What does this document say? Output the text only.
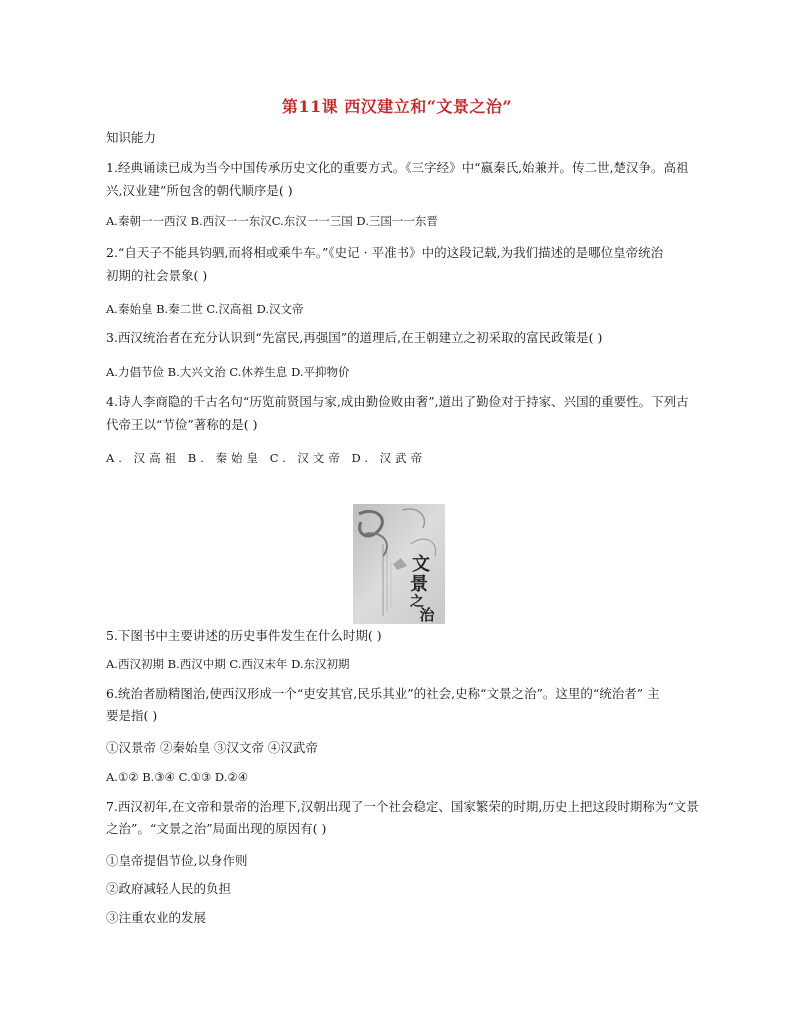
第11课 西汉建立和“文景之治”
知识能力
1.经典诵读已成为当今中国传承历史文化的重要方式。《三字经》中“嬴秦氏,始兼并。传二世,楚汉争。高祖
兴,汉业建”所包含的朝代顺序是( )
A.秦朝一一西汉 B.西汉一一东汉C.东汉一一三国 D.三国一一东晋
2.“自天子不能具钧驷,而将相或乘牛车。”《史记 · 平准书》中的这段记载,为我们描述的是哪位皇帝统治
初期的社会景象( )
A.秦始皇 B.秦二世 C.汉高祖 D.汉文帝
3.西汉统治者在充分认识到“先富民,再强国”的道理后,在王朝建立之初采取的富民政策是( )
A.力倡节俭 B.大兴文治 C.休养生息 D.平抑物价
4.诗人李商隐的千古名句“历览前贤国与家,成由勤俭败由奢”,道出了勤俭对于持家、兴国的重要性。下列古
代帝王以“节俭”著称的是( )
A. 汉高祖 B. 秦始皇 C. 汉文帝 D. 汉武帝
文
景
之
治
5.下图书中主要讲述的历史事件发生在什么时期( )
A.西汉初期 B.西汉中期 C.西汉末年 D.东汉初期
6.统治者励精图治,使西汉形成一个“吏安其官,民乐其业”的社会,史称“文景之治”。这里的“统治者” 主
要是指( )
①汉景帝 ②秦始皇 ③汉文帝 ④汉武帝
A.①② B.③④ C.①③ D.②④
7.西汉初年,在文帝和景帝的治理下,汉朝出现了一个社会稳定、国家繁荣的时期,历史上把这段时期称为“文景
之治”。“文景之治”局面出现的原因有( )
①皇帝提倡节俭,以身作则
②政府减轻人民的负担
③注重农业的发展
